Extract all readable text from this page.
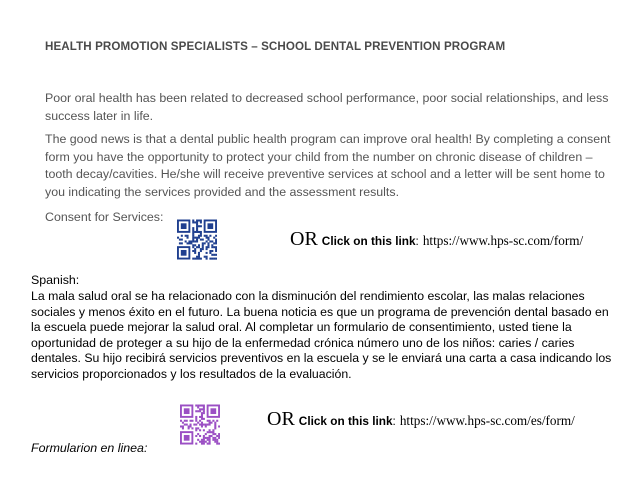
HEALTH PROMOTION SPECIALISTS – SCHOOL DENTAL PREVENTION PROGRAM
Poor oral health has been related to decreased school performance, poor social relationships, and less success later in life.
The good news is that a dental public health program can improve oral health! By completing a consent form you have the opportunity to protect your child from the number on chronic disease of children – tooth decay/cavities. He/she will receive preventive services at school and a letter will be sent home to you indicating the services provided and the assessment results.
Consent for Services:
OR Click on this link: https://www.hps-sc.com/form/
Spanish:
La mala salud oral se ha relacionado con la disminución del rendimiento escolar, las malas relaciones sociales y menos éxito en el futuro. La buena noticia es que un programa de prevención dental basado en la escuela puede mejorar la salud oral. Al completar un formulario de consentimiento, usted tiene la oportunidad de proteger a su hijo de la enfermedad crónica número uno de los niños: caries / caries dentales. Su hijo recibirá servicios preventivos en la escuela y se le enviará una carta a casa indicando los servicios proporcionados y los resultados de la evaluación.
OR Click on this link: https://www.hps-sc.com/es/form/
Formularion en linea:
